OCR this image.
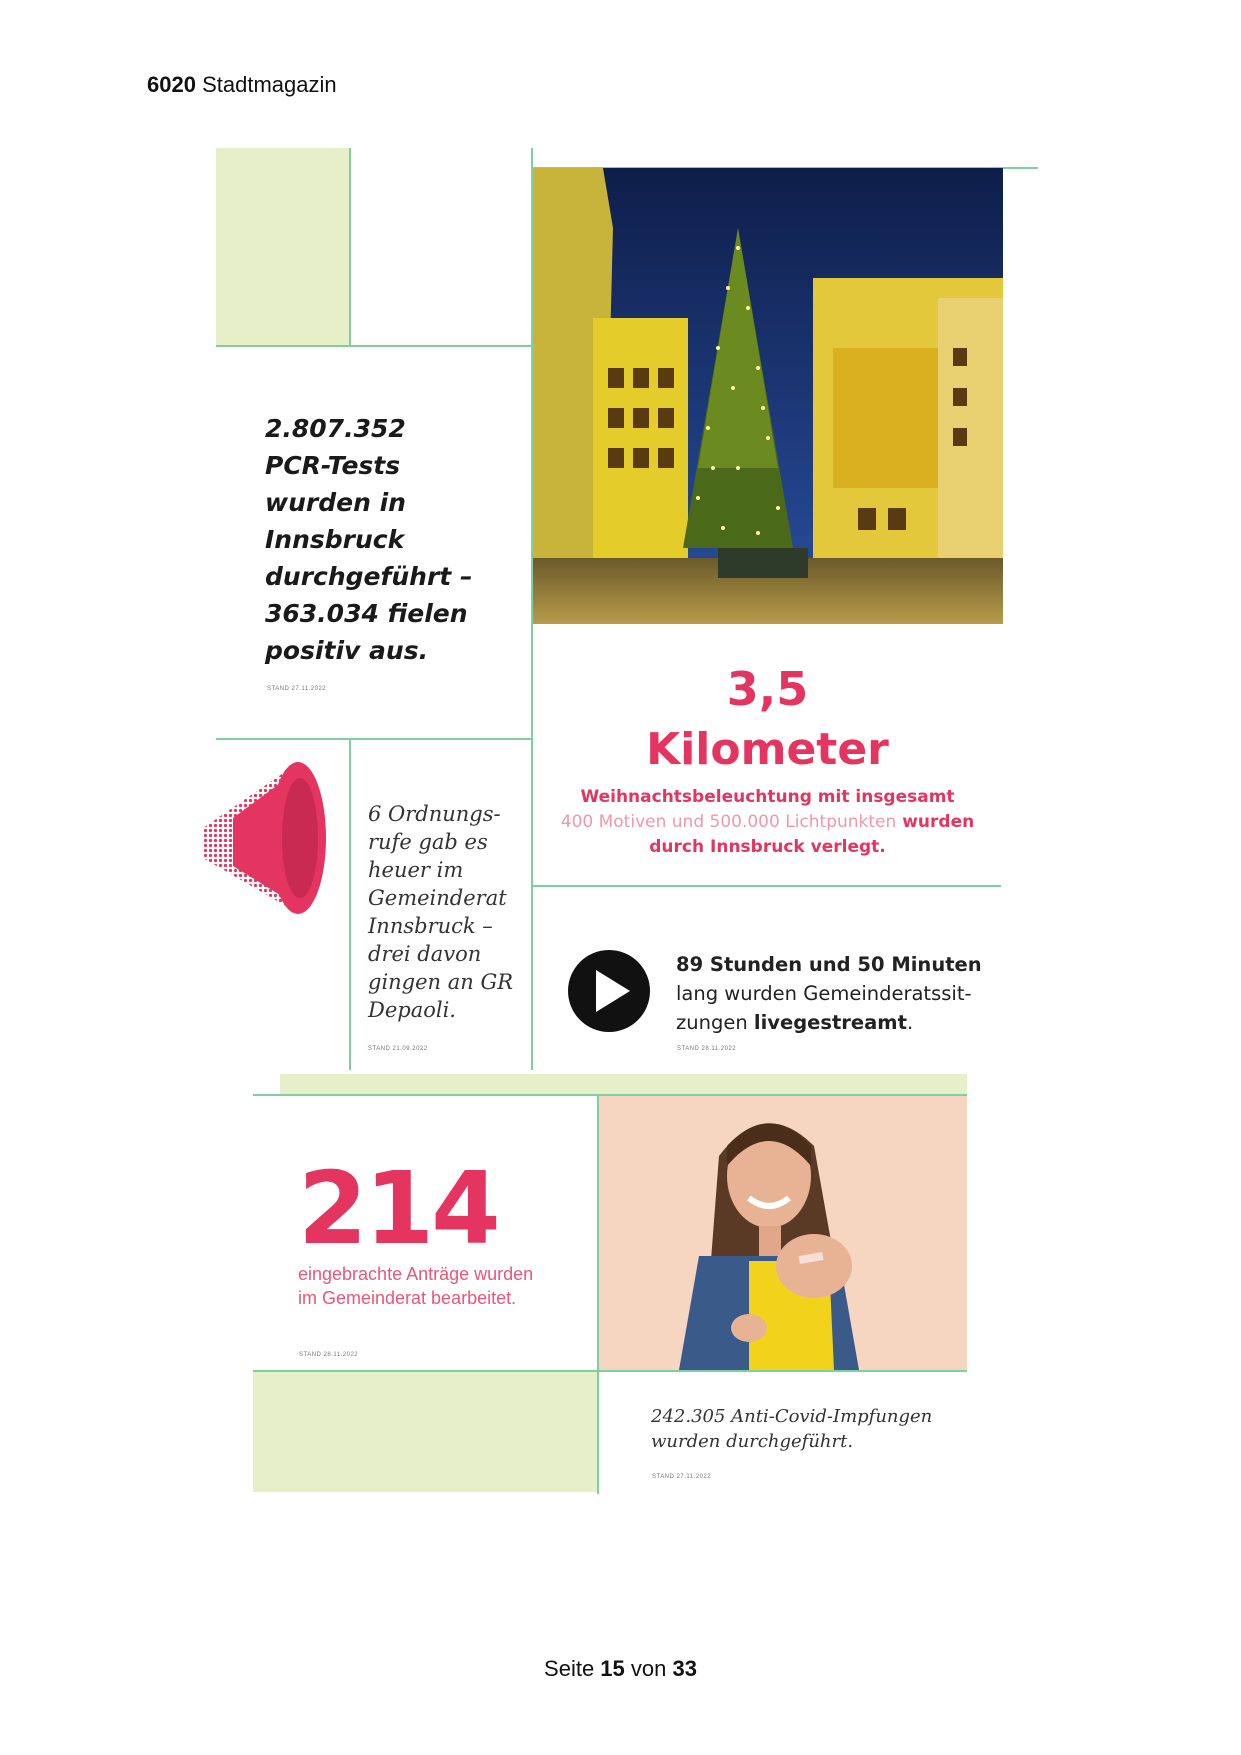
6020 Stadtmagazin
2.807.352
PCR-Tests
wurden in
Innsbruck
durchgeführt –
363.034 fielen
positiv aus.
STAND 27.11.2022	3,5
Kilometer
Weihnachtsbeleuchtung mit insgesamt
400 Motiven und 500.000 Lichtpunkten wurden
durch Innsbruck verlegt.
6 Ordnungs-
rufe gab es
heuer im
Gemeinderat
Innsbruck –
drei davon
gingen an GR
Depaoli.
STAND 21.09.2022
89 Stunden und 50 Minuten
lang wurden Gemeinderatssit-
zungen livegestreamt.
STAND 28.11.2022
214
eingebrachte Anträge wurden
im Gemeinderat bearbeitet.
STAND 28.11.2022
242.305 Anti-Covid-Impfungen
wurden durchgeführt.
STAND 27.11.2022
Seite 15 von 33
